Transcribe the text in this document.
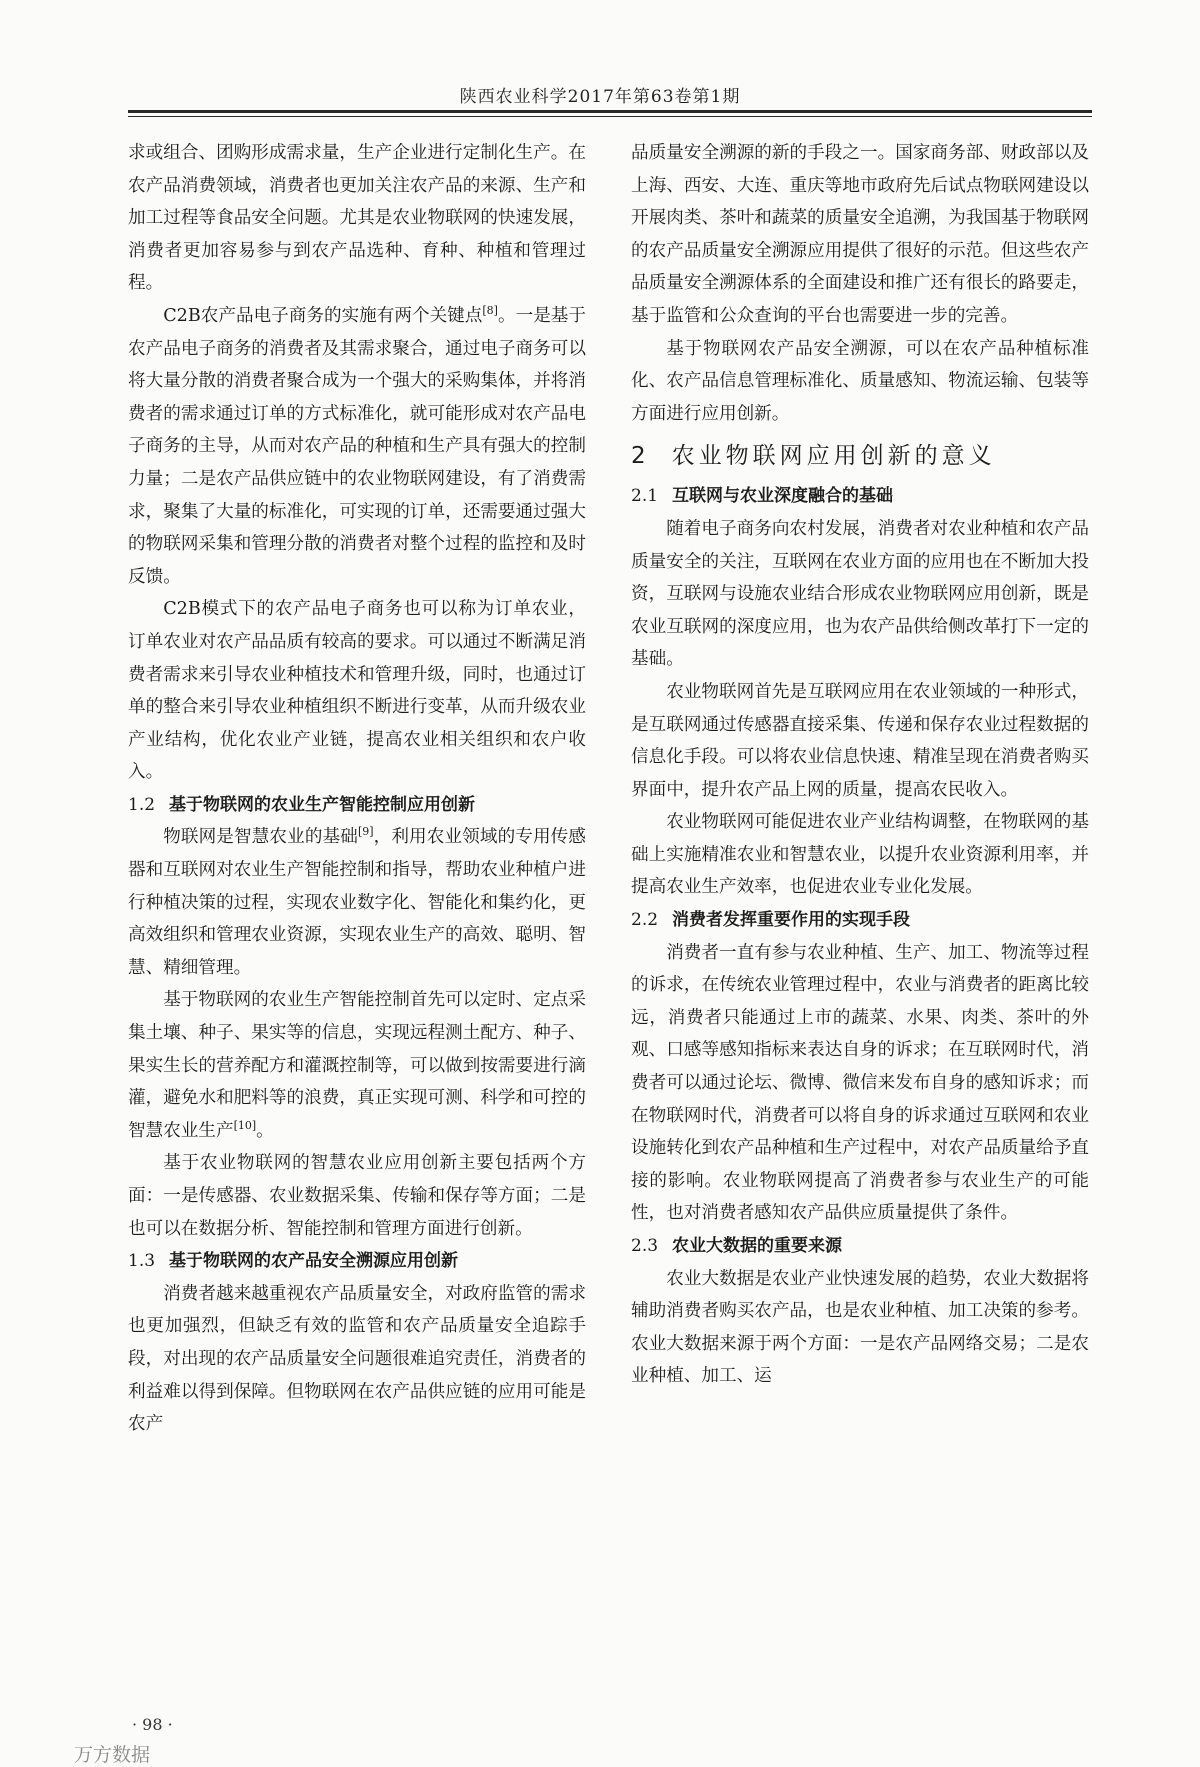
陕西农业科学2017年第63卷第1期

求或组合、团购形成需求量，生产企业进行定制化生产。在农产品消费领域，消费者也更加关注农产品的来源、生产和加工过程等食品安全问题。尤其是农业物联网的快速发展，消费者更加容易参与到农产品选种、育种、种植和管理过程。

C2B农产品电子商务的实施有两个关键点[8]。一是基于农产品电子商务的消费者及其需求聚合，通过电子商务可以将大量分散的消费者聚合成为一个强大的采购集体，并将消费者的需求通过订单的方式标准化，就可能形成对农产品电子商务的主导，从而对农产品的种植和生产具有强大的控制力量；二是农产品供应链中的农业物联网建设，有了消费需求，聚集了大量的标准化，可实现的订单，还需要通过强大的物联网采集和管理分散的消费者对整个过程的监控和及时反馈。

C2B模式下的农产品电子商务也可以称为订单农业，订单农业对农产品品质有较高的要求。可以通过不断满足消费者需求来引导农业种植技术和管理升级，同时，也通过订单的整合来引导农业种植组织不断进行变革，从而升级农业产业结构，优化农业产业链，提高农业相关组织和农户收入。

1.2 基于物联网的农业生产智能控制应用创新

物联网是智慧农业的基础[9]，利用农业领域的专用传感器和互联网对农业生产智能控制和指导，帮助农业种植户进行种植决策的过程，实现农业数字化、智能化和集约化，更高效组织和管理农业资源，实现农业生产的高效、聪明、智慧、精细管理。

基于物联网的农业生产智能控制首先可以定时、定点采集土壤、种子、果实等的信息，实现远程测土配方、种子、果实生长的营养配方和灌溉控制等，可以做到按需要进行滴灌，避免水和肥料等的浪费，真正实现可测、科学和可控的智慧农业生产[10]。

基于农业物联网的智慧农业应用创新主要包括两个方面：一是传感器、农业数据采集、传输和保存等方面；二是也可以在数据分析、智能控制和管理方面进行创新。

1.3 基于物联网的农产品安全溯源应用创新

消费者越来越重视农产品质量安全，对政府监管的需求也更加强烈，但缺乏有效的监管和农产品质量安全追踪手段，对出现的农产品质量安全问题很难追究责任，消费者的利益难以得到保障。但物联网在农产品供应链的应用可能是农产

品质量安全溯源的新的手段之一。国家商务部、财政部以及上海、西安、大连、重庆等地市政府先后试点物联网建设以开展肉类、茶叶和蔬菜的质量安全追溯，为我国基于物联网的农产品质量安全溯源应用提供了很好的示范。但这些农产品质量安全溯源体系的全面建设和推广还有很长的路要走，基于监管和公众查询的平台也需要进一步的完善。

基于物联网农产品安全溯源，可以在农产品种植标准化、农产品信息管理标准化、质量感知、物流运输、包装等方面进行应用创新。

2 农业物联网应用创新的意义
2.1 互联网与农业深度融合的基础

随着电子商务向农村发展，消费者对农业种植和农产品质量安全的关注，互联网在农业方面的应用也在不断加大投资，互联网与设施农业结合形成农业物联网应用创新，既是农业互联网的深度应用，也为农产品供给侧改革打下一定的基础。

农业物联网首先是互联网应用在农业领域的一种形式，是互联网通过传感器直接采集、传递和保存农业过程数据的信息化手段。可以将农业信息快速、精准呈现在消费者购买界面中，提升农产品上网的质量，提高农民收入。

农业物联网可能促进农业产业结构调整，在物联网的基础上实施精准农业和智慧农业，以提升农业资源利用率，并提高农业生产效率，也促进农业专业化发展。

2.2 消费者发挥重要作用的实现手段

消费者一直有参与农业种植、生产、加工、物流等过程的诉求，在传统农业管理过程中，农业与消费者的距离比较远，消费者只能通过上市的蔬菜、水果、肉类、茶叶的外观、口感等感知指标来表达自身的诉求；在互联网时代，消费者可以通过论坛、微博、微信来发布自身的感知诉求；而在物联网时代，消费者可以将自身的诉求通过互联网和农业设施转化到农产品种植和生产过程中，对农产品质量给予直接的影响。农业物联网提高了消费者参与农业生产的可能性，也对消费者感知农产品供应质量提供了条件。

2.3 农业大数据的重要来源

农业大数据是农业产业快速发展的趋势，农业大数据将辅助消费者购买农产品，也是农业种植、加工决策的参考。农业大数据来源于两个方面：一是农产品网络交易；二是农业种植、加工、运

· 98 ·
万方数据
